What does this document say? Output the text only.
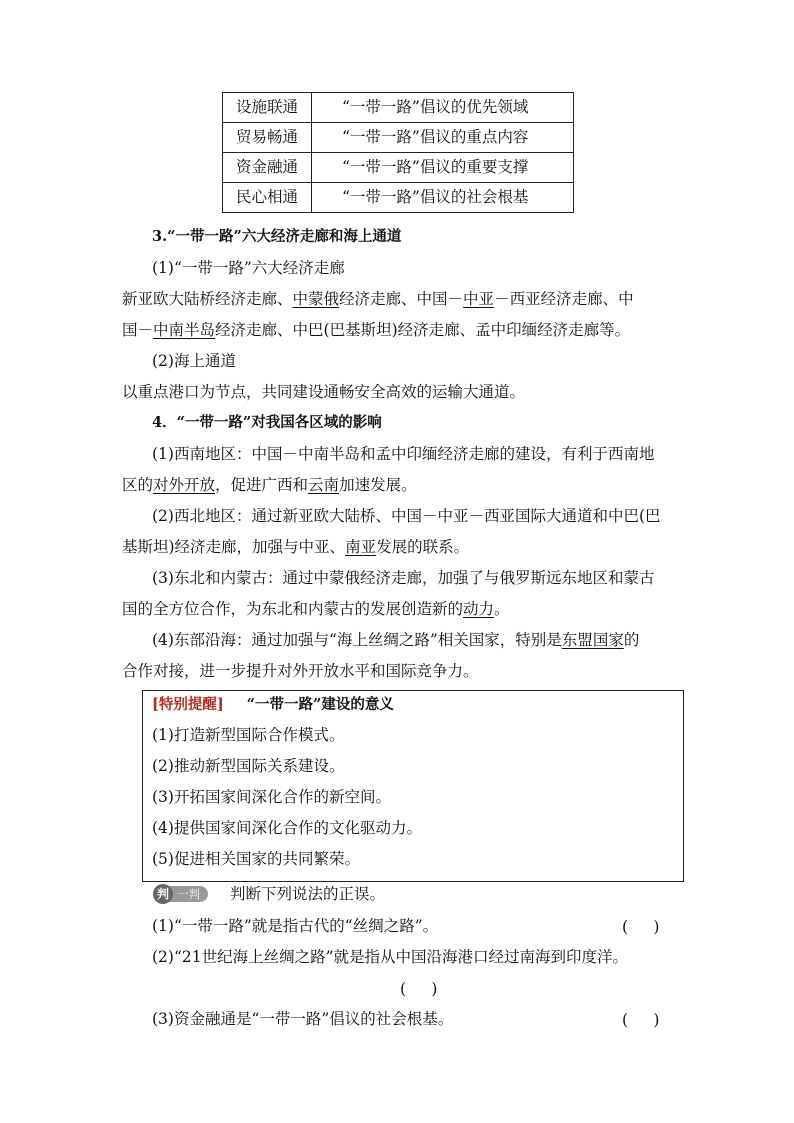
设施联通	“一带一路”倡议的优先领域
贸易畅通	“一带一路”倡议的重点内容
资金融通	“一带一路”倡议的重要支撑
民心相通	“一带一路”倡议的社会根基
3.“一带一路”六大经济走廊和海上通道
(1)“一带一路”六大经济走廊
新亚欧大陆桥经济走廊、中蒙俄经济走廊、中国－中亚－西亚经济走廊、中
国－中南半岛经济走廊、中巴(巴基斯坦)经济走廊、孟中印缅经济走廊等。
(2)海上通道
以重点港口为节点，共同建设通畅安全高效的运输大通道。
4．“一带一路”对我国各区域的影响
(1)西南地区：中国－中南半岛和孟中印缅经济走廊的建设，有利于西南地
区的对外开放，促进广西和云南加速发展。
(2)西北地区：通过新亚欧大陆桥、中国－中亚－西亚国际大通道和中巴(巴
基斯坦)经济走廊，加强与中亚、南亚发展的联系。
(3)东北和内蒙古：通过中蒙俄经济走廊，加强了与俄罗斯远东地区和蒙古
国的全方位合作，为东北和内蒙古的发展创造新的动力。
(4)东部沿海：通过加强与“海上丝绸之路”相关国家，特别是东盟国家的
合作对接，进一步提升对外开放水平和国际竞争力。
[特别提醒] “一带一路”建设的意义
(1)打造新型国际合作模式。
(2)推动新型国际关系建设。
(3)开拓国家间深化合作的新空间。
(4)提供国家间深化合作的文化驱动力。
(5)促进相关国家的共同繁荣。
判 一判	判断下列说法的正误。
(1)“一带一路”就是指古代的“丝绸之路”。	(　  )
(2)“21世纪海上丝绸之路”就是指从中国沿海港口经过南海到印度洋。
(　  )
(3)资金融通是“一带一路”倡议的社会根基。	(　  )
